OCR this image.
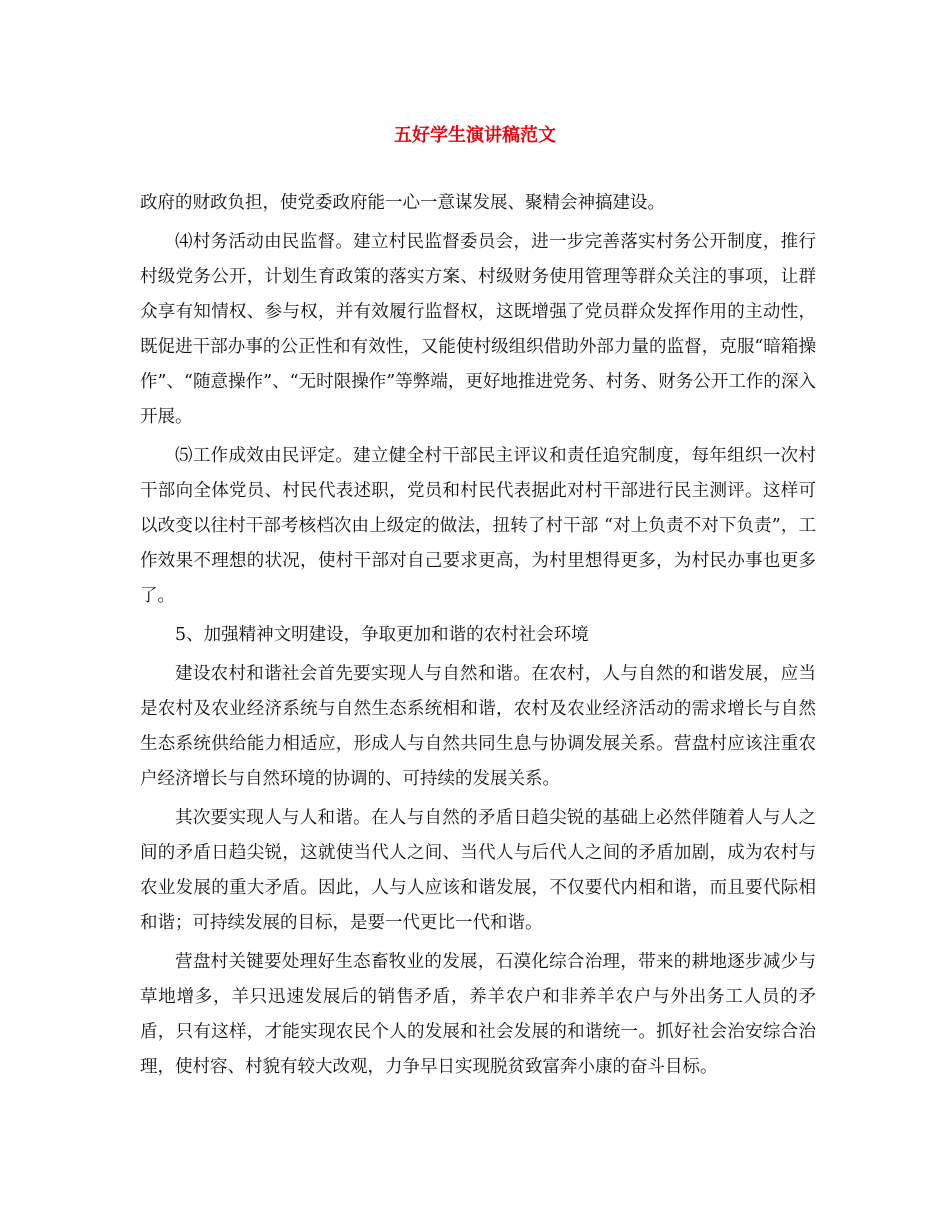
五好学生演讲稿范文

政府的财政负担，使党委政府能一心一意谋发展、聚精会神搞建设。

⑷村务活动由民监督。建立村民监督委员会，进一步完善落实村务公开制度，推行村级党务公开，计划生育政策的落实方案、村级财务使用管理等群众关注的事项，让群众享有知情权、参与权，并有效履行监督权，这既增强了党员群众发挥作用的主动性，既促进干部办事的公正性和有效性，又能使村级组织借助外部力量的监督，克服“暗箱操作”、“随意操作”、“无时限操作”等弊端，更好地推进党务、村务、财务公开工作的深入开展。

⑸工作成效由民评定。建立健全村干部民主评议和责任追究制度，每年组织一次村干部向全体党员、村民代表述职，党员和村民代表据此对村干部进行民主测评。这样可以改变以往村干部考核档次由上级定的做法，扭转了村干部 “对上负责不对下负责”，工作效果不理想的状况，使村干部对自己要求更高，为村里想得更多，为村民办事也更多了。

5、加强精神文明建设，争取更加和谐的农村社会环境

建设农村和谐社会首先要实现人与自然和谐。在农村，人与自然的和谐发展，应当是农村及农业经济系统与自然生态系统相和谐，农村及农业经济活动的需求增长与自然生态系统供给能力相适应，形成人与自然共同生息与协调发展关系。营盘村应该注重农户经济增长与自然环境的协调的、可持续的发展关系。

其次要实现人与人和谐。在人与自然的矛盾日趋尖锐的基础上必然伴随着人与人之间的矛盾日趋尖锐，这就使当代人之间、当代人与后代人之间的矛盾加剧，成为农村与农业发展的重大矛盾。因此，人与人应该和谐发展，不仅要代内相和谐，而且要代际相和谐；可持续发展的目标，是要一代更比一代和谐。

营盘村关键要处理好生态畜牧业的发展，石漠化综合治理，带来的耕地逐步减少与草地增多，羊只迅速发展后的销售矛盾，养羊农户和非养羊农户与外出务工人员的矛盾，只有这样，才能实现农民个人的发展和社会发展的和谐统一。抓好社会治安综合治理，使村容、村貌有较大改观，力争早日实现脱贫致富奔小康的奋斗目标。
